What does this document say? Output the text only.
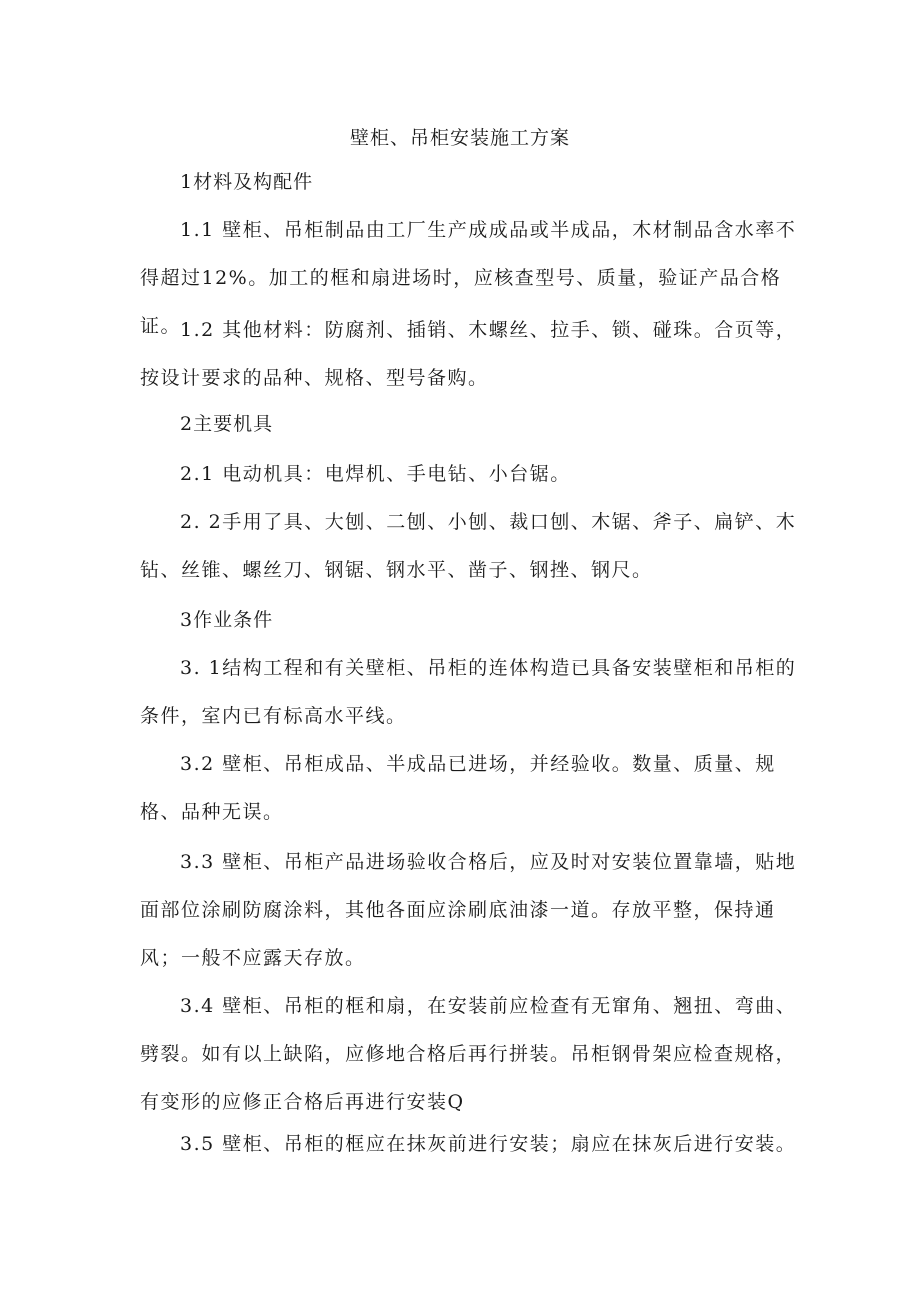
壁柜、吊柜安装施工方案
1材料及构配件
1.1 壁柜、吊柜制品由工厂生产成成品或半成品，木材制品含水率不得超过12%。加工的框和扇进场时，应核查型号、质量，验证产品合格证。
1.2 其他材料：防腐剂、插销、木螺丝、拉手、锁、碰珠。合页等，按设计要求的品种、规格、型号备购。
2主要机具
2.1 电动机具：电焊机、手电钻、小台锯。
2. 2手用了具、大刨、二刨、小刨、裁口刨、木锯、斧子、扁铲、木钻、丝锥、螺丝刀、钢锯、钢水平、凿子、钢挫、钢尺。
3作业条件
3. 1结构工程和有关壁柜、吊柜的连体构造已具备安装壁柜和吊柜的条件，室内已有标高水平线。
3.2 壁柜、吊柜成品、半成品已进场，并经验收。数量、质量、规格、品种无误。
3.3 壁柜、吊柜产品进场验收合格后，应及时对安装位置靠墙，贴地面部位涂刷防腐涂料，其他各面应涂刷底油漆一道。存放平整，保持通风；一般不应露天存放。
3.4 壁柜、吊柜的框和扇，在安装前应检查有无窜角、翘扭、弯曲、劈裂。如有以上缺陷，应修地合格后再行拼装。吊柜钢骨架应检查规格，有变形的应修正合格后再进行安装Q
3.5 壁柜、吊柜的框应在抹灰前进行安装；扇应在抹灰后进行安装。
